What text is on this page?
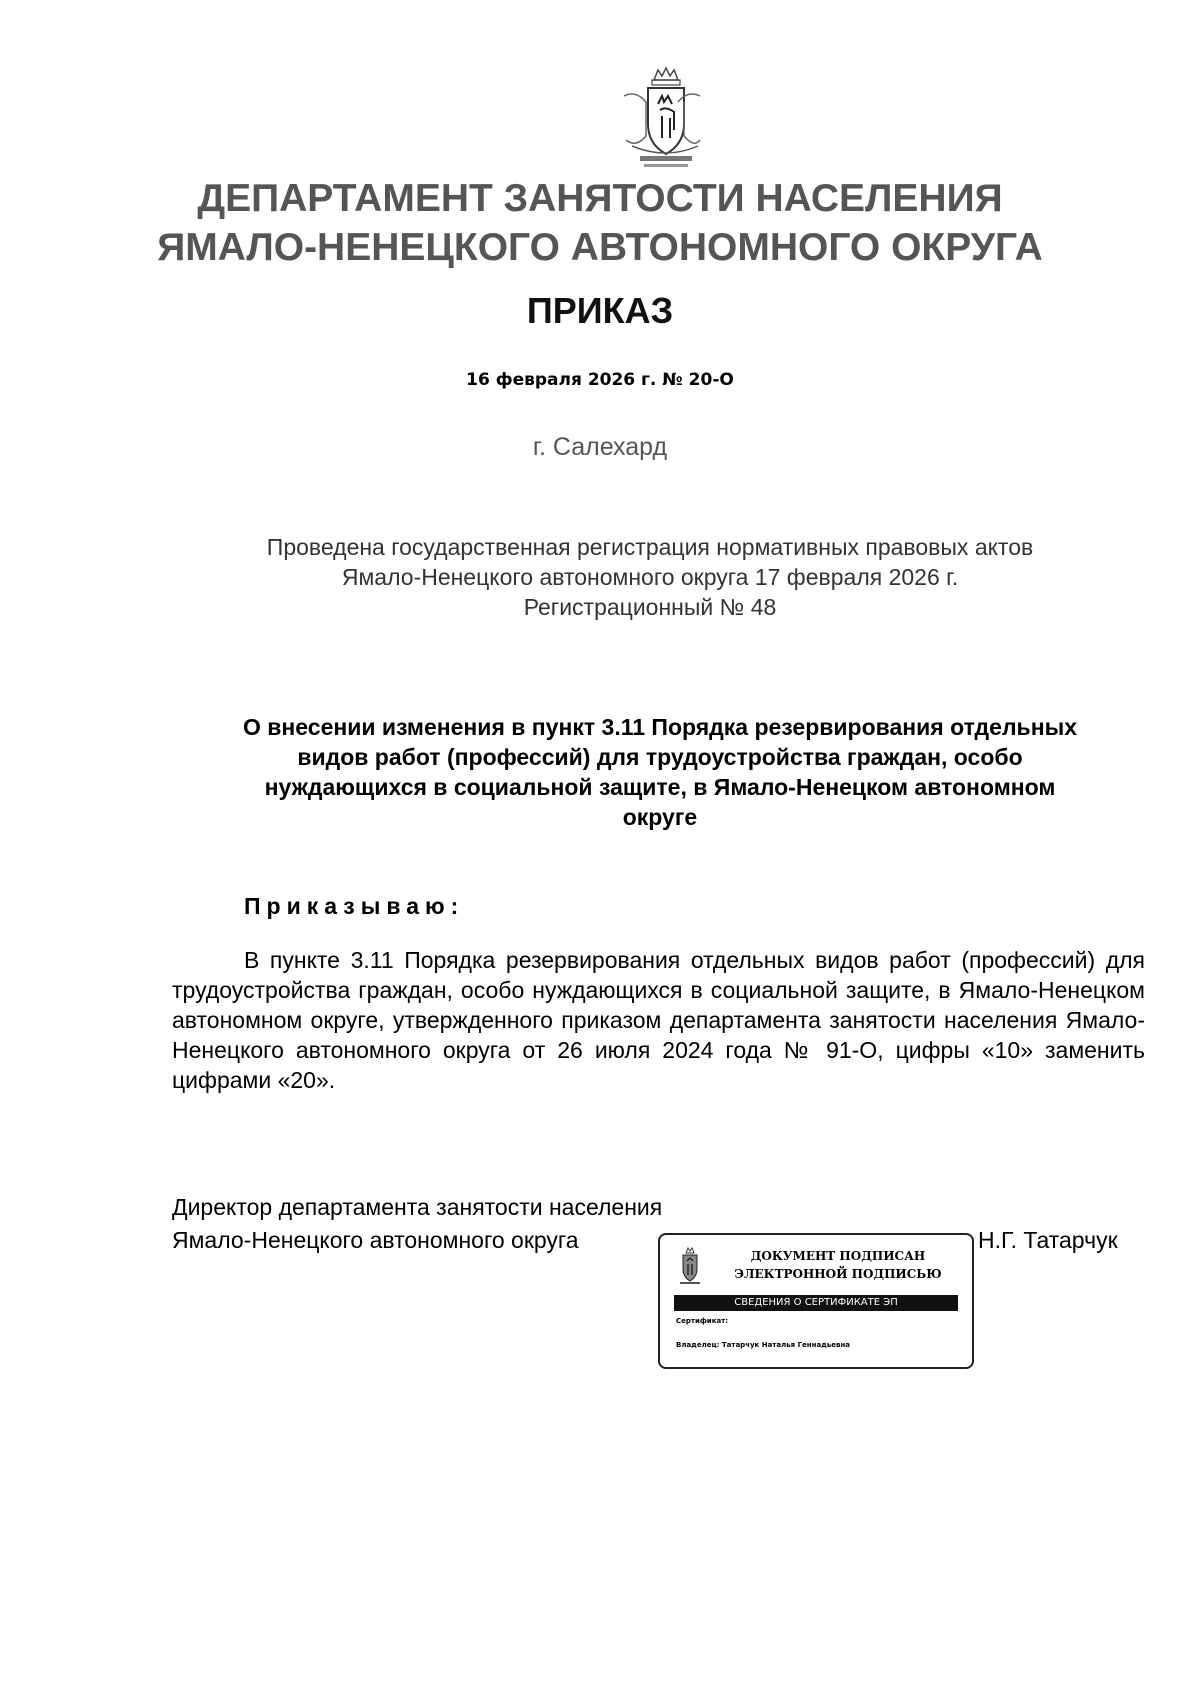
ДЕПАРТАМЕНТ ЗАНЯТОСТИ НАСЕЛЕНИЯ
ЯМАЛО-НЕНЕЦКОГО АВТОНОМНОГО ОКРУГА
ПРИКАЗ
16 февраля 2026 г. № 20-О
г. Салехард
Проведена государственная регистрация нормативных правовых актов
Ямало-Ненецкого автономного округа 17 февраля 2026 г.
Регистрационный № 48
О внесении изменения в пункт 3.11 Порядка резервирования отдельных
видов работ (профессий) для трудоустройства граждан, особо
нуждающихся в социальной защите, в Ямало-Ненецком автономном
округе
Приказываю:
В пункте 3.11 Порядка резервирования отдельных видов работ (профессий) для трудоустройства граждан, особо нуждающихся в социальной защите, в Ямало-Ненецком автономном округе, утвержденного приказом департамента занятости населения Ямало-Ненецкого автономного округа от 26 июля 2024 года № 91-О, цифры «10» заменить цифрами «20».
Директор департамента занятости населения
Ямало-Ненецкого автономного округа	Н.Г. Татарчук
ДОКУМЕНТ ПОДПИСАН
ЭЛЕКТРОННОЙ ПОДПИСЬЮ
СВЕДЕНИЯ О СЕРТИФИКАТЕ ЭП
Сертификат:

Владелец: Татарчук Наталья Геннадьевна
